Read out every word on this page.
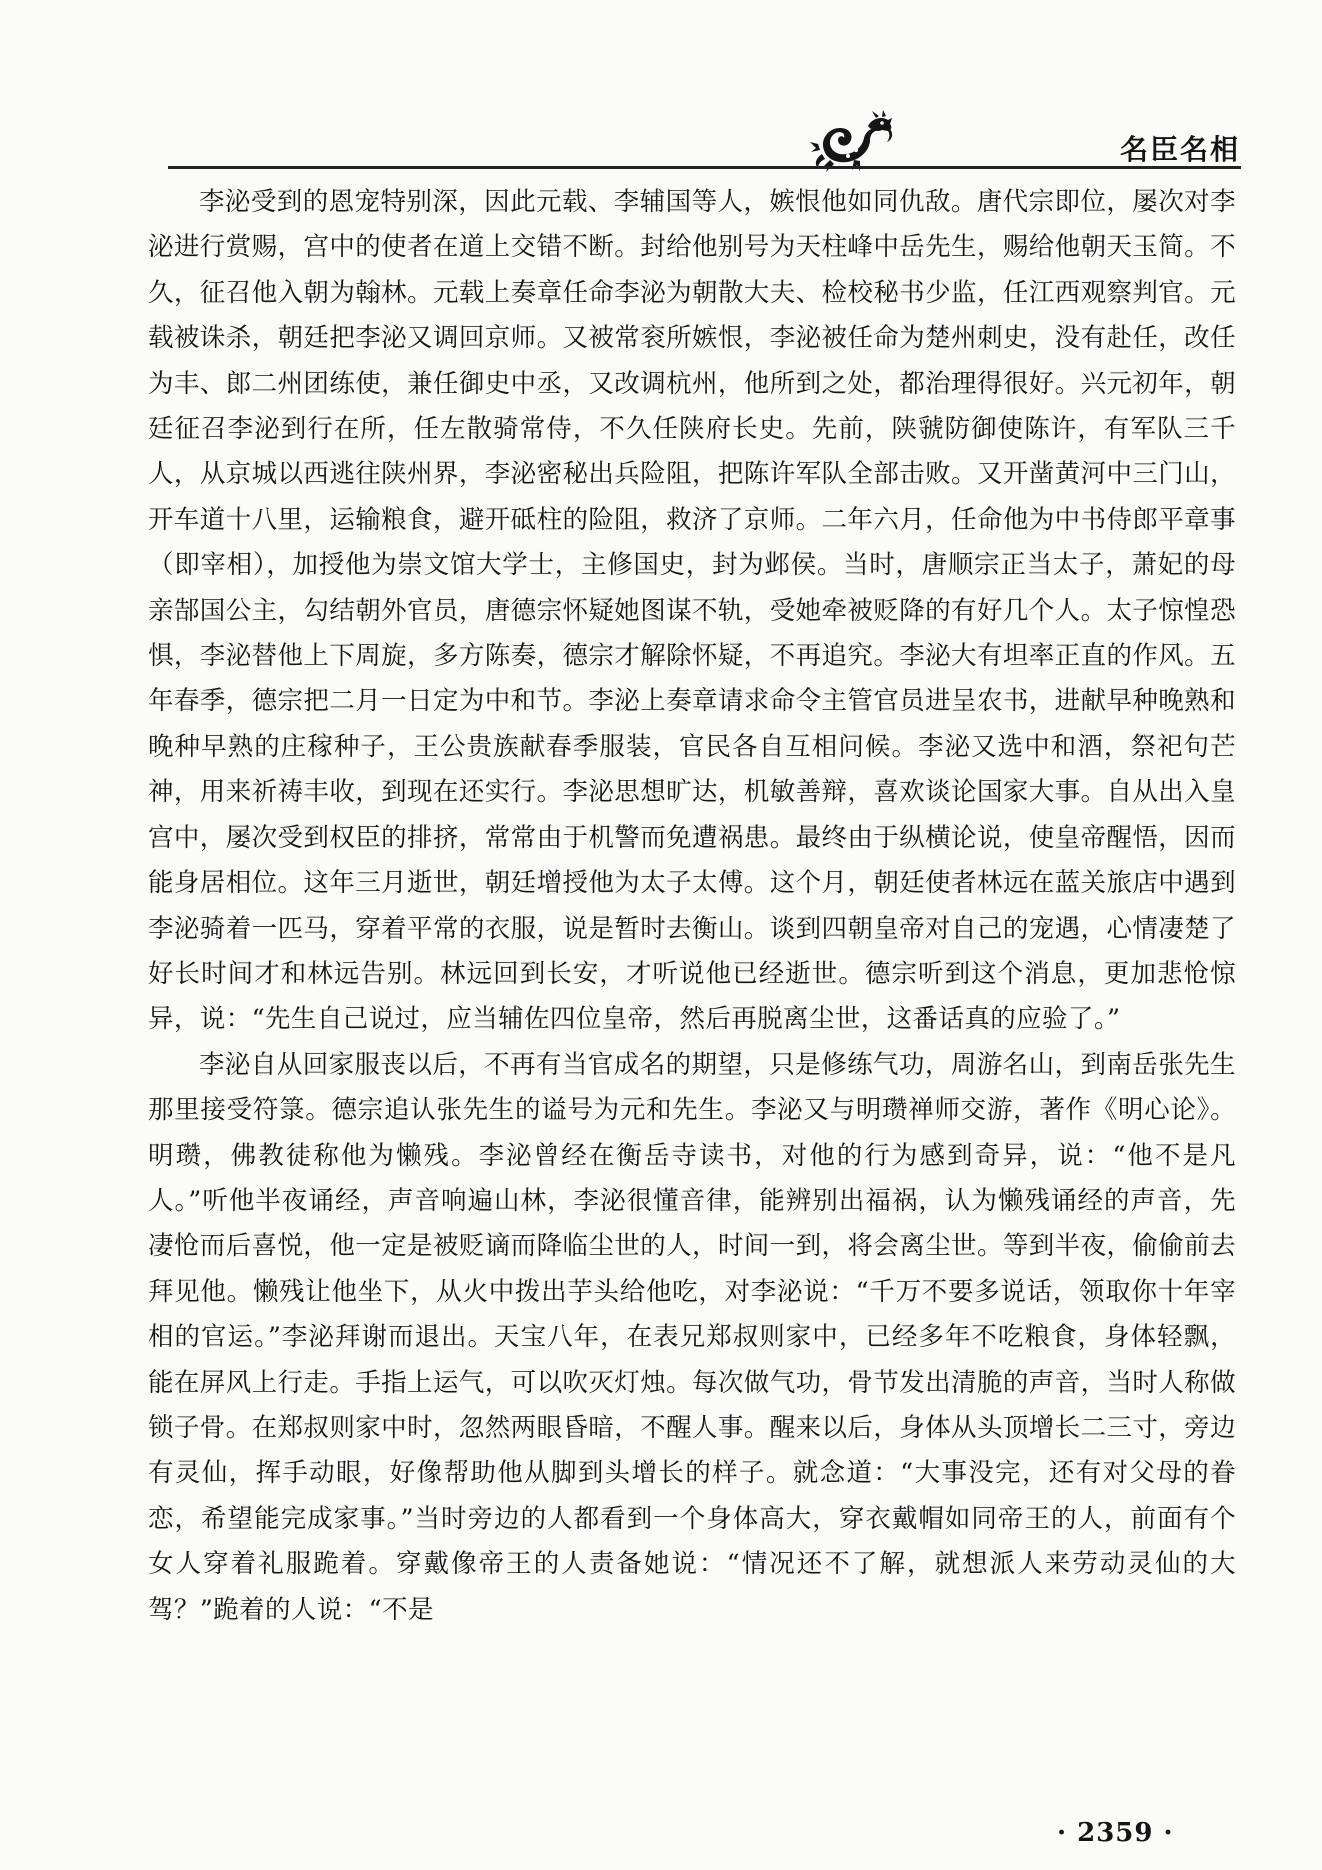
名臣名相

李泌受到的恩宠特别深，因此元载、李辅国等人，嫉恨他如同仇敌。唐代宗即位，屡次对李泌进行赏赐，宫中的使者在道上交错不断。封给他别号为天柱峰中岳先生，赐给他朝天玉简。不久，征召他入朝为翰林。元载上奏章任命李泌为朝散大夫、检校秘书少监，任江西观察判官。元载被诛杀，朝廷把李泌又调回京师。又被常衮所嫉恨，李泌被任命为楚州刺史，没有赴任，改任为丰、郎二州团练使，兼任御史中丞，又改调杭州，他所到之处，都治理得很好。兴元初年，朝廷征召李泌到行在所，任左散骑常侍，不久任陕府长史。先前，陕虢防御使陈许，有军队三千人，从京城以西逃往陕州界，李泌密秘出兵险阻，把陈许军队全部击败。又开凿黄河中三门山，开车道十八里，运输粮食，避开砥柱的险阻，救济了京师。二年六月，任命他为中书侍郎平章事（即宰相），加授他为崇文馆大学士，主修国史，封为邺侯。当时，唐顺宗正当太子，萧妃的母亲郜国公主，勾结朝外官员，唐德宗怀疑她图谋不轨，受她牵被贬降的有好几个人。太子惊惶恐惧，李泌替他上下周旋，多方陈奏，德宗才解除怀疑，不再追究。李泌大有坦率正直的作风。五年春季，德宗把二月一日定为中和节。李泌上奏章请求命令主管官员进呈农书，进献早种晚熟和晚种早熟的庄稼种子，王公贵族献春季服装，官民各自互相问候。李泌又选中和酒，祭祀句芒神，用来祈祷丰收，到现在还实行。李泌思想旷达，机敏善辩，喜欢谈论国家大事。自从出入皇宫中，屡次受到权臣的排挤，常常由于机警而免遭祸患。最终由于纵横论说，使皇帝醒悟，因而能身居相位。这年三月逝世，朝廷增授他为太子太傅。这个月，朝廷使者林远在蓝关旅店中遇到李泌骑着一匹马，穿着平常的衣服，说是暂时去衡山。谈到四朝皇帝对自己的宠遇，心情凄楚了好长时间才和林远告别。林远回到长安，才听说他已经逝世。德宗听到这个消息，更加悲怆惊异，说：“先生自己说过，应当辅佐四位皇帝，然后再脱离尘世，这番话真的应验了。”

李泌自从回家服丧以后，不再有当官成名的期望，只是修练气功，周游名山，到南岳张先生那里接受符箓。德宗追认张先生的谥号为元和先生。李泌又与明瓒禅师交游，著作《明心论》。明瓒，佛教徒称他为懒残。李泌曾经在衡岳寺读书，对他的行为感到奇异，说：“他不是凡人。”听他半夜诵经，声音响遍山林，李泌很懂音律，能辨别出福祸，认为懒残诵经的声音，先凄怆而后喜悦，他一定是被贬谪而降临尘世的人，时间一到，将会离尘世。等到半夜，偷偷前去拜见他。懒残让他坐下，从火中拨出芋头给他吃，对李泌说：“千万不要多说话，领取你十年宰相的官运。”李泌拜谢而退出。天宝八年，在表兄郑叔则家中，已经多年不吃粮食，身体轻飘，能在屏风上行走。手指上运气，可以吹灭灯烛。每次做气功，骨节发出清脆的声音，当时人称做锁子骨。在郑叔则家中时，忽然两眼昏暗，不醒人事。醒来以后，身体从头顶增长二三寸，旁边有灵仙，挥手动眼，好像帮助他从脚到头增长的样子。就念道：“大事没完，还有对父母的眷恋，希望能完成家事。”当时旁边的人都看到一个身体高大，穿衣戴帽如同帝王的人，前面有个女人穿着礼服跪着。穿戴像帝王的人责备她说：“情况还不了解，就想派人来劳动灵仙的大驾？”跪着的人说：“不是

· 2359 ·
